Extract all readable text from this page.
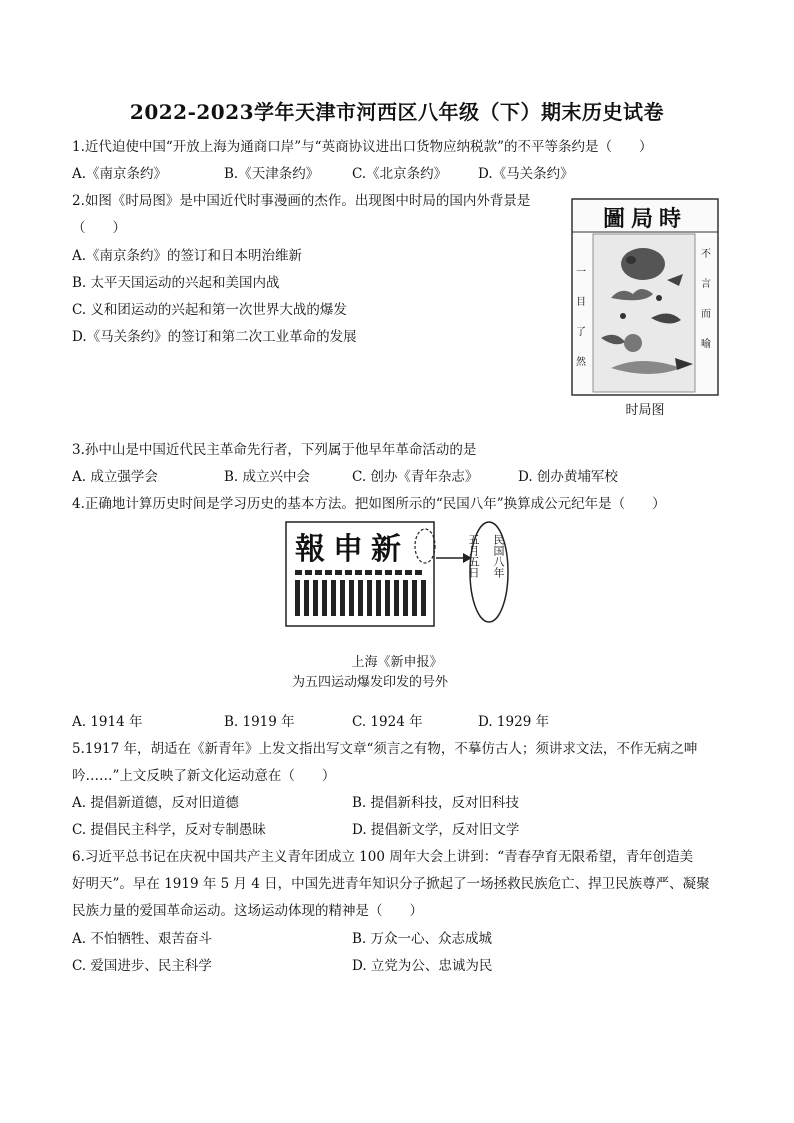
2022-2023学年天津市河西区八年级（下）期末历史试卷
1.近代迫使中国“开放上海为通商口岸”与“英商协议进出口货物应纳税款”的不平等条约是（　　）
A.《南京条约》	B.《天津条约》 C.《北京条约》 D.《马关条约》
2.如图《时局图》是中国近代时事漫画的杰作。出现图中时局的国内外背景是
（　　）
A.《南京条约》的签订和日本明治维新
B. 太平天国运动的兴起和美国内战
C. 义和团运动的兴起和第一次世界大战的爆发
D.《马关条约》的签订和第二次工业革命的发展
圖局時
一目了然
不言而喻
时局图
3.孙中山是中国近代民主革命先行者，下列属于他早年革命活动的是
A. 成立强学会	B. 成立兴中会	C. 创办《青年杂志》	D. 创办黄埔军校
4.正确地计算历史时间是学习历史的基本方法。把如图所示的“民国八年”换算成公元纪年是（　　）
報申新	民国八年
五月五日
上海《新申报》
为五四运动爆发印发的号外
A. 1914 年	B. 1919 年	C. 1924 年	D. 1929 年
5.1917 年，胡适在《新青年》上发文指出写文章“须言之有物，不摹仿古人；须讲求文法，不作无病之呻
吟……”上文反映了新文化运动意在（　　）
A. 提倡新道德，反对旧道德	B. 提倡新科技，反对旧科技
C. 提倡民主科学，反对专制愚昧	D. 提倡新文学，反对旧文学
6.习近平总书记在庆祝中国共产主义青年团成立 100 周年大会上讲到：“青春孕育无限希望，青年创造美
好明天”。早在 1919 年 5 月 4 日，中国先进青年知识分子掀起了一场拯救民族危亡、捍卫民族尊严、凝聚
民族力量的爱国革命运动。这场运动体现的精神是（　　）
A. 不怕牺牲、艰苦奋斗	B. 万众一心、众志成城
C. 爱国进步、民主科学	D. 立党为公、忠诚为民
